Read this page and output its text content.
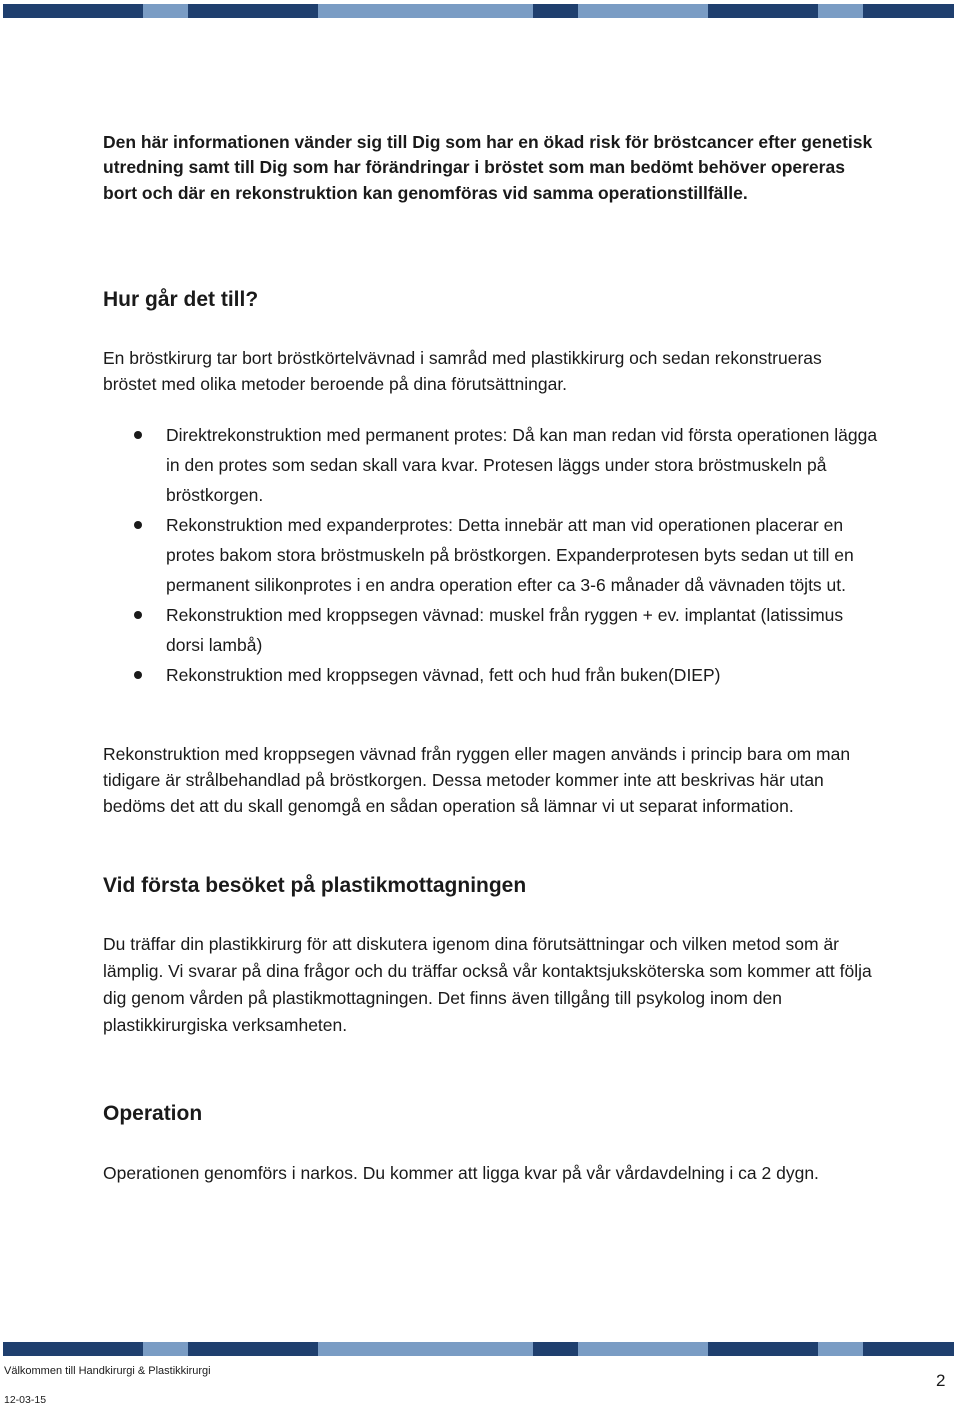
Den här informationen vänder sig till Dig som har en ökad risk för bröstcancer efter genetisk utredning samt till Dig som har förändringar i bröstet som man bedömt behöver opereras bort och där en rekonstruktion kan genomföras vid samma operationstillfälle.
Hur går det till?
En bröstkirurg tar bort bröstkörtelvävnad i samråd med plastikkirurg och sedan rekonstrueras bröstet med olika metoder beroende på dina förutsättningar.
Direktrekonstruktion med permanent protes: Då kan man redan vid första operationen lägga in den protes som sedan skall vara kvar. Protesen läggs under stora bröstmuskeln på bröstkorgen.
Rekonstruktion med expanderprotes: Detta innebär att man vid operationen placerar en protes bakom stora bröstmuskeln på bröstkorgen. Expanderprotesen byts sedan ut till en permanent silikonprotes i en andra operation efter ca 3-6 månader då vävnaden töjts ut.
Rekonstruktion med kroppsegen vävnad: muskel från ryggen + ev. implantat (latissimus dorsi lambå)
Rekonstruktion med kroppsegen vävnad, fett och hud från buken(DIEP)
Rekonstruktion med kroppsegen vävnad från ryggen eller magen används i princip bara om man tidigare är strålbehandlad på bröstkorgen. Dessa metoder kommer inte att beskrivas här utan bedöms det att du skall genomgå en sådan operation så lämnar vi ut separat information.
Vid första besöket på plastikmottagningen
Du träffar din plastikkirurg för att diskutera igenom dina förutsättningar och vilken metod som är lämplig. Vi svarar på dina frågor och du träffar också vår kontaktsjuksköterska som kommer att följa dig genom vården på plastikmottagningen. Det finns även tillgång till psykolog inom den plastikkirurgiska verksamheten.
Operation
Operationen genomförs i narkos. Du kommer att ligga kvar på vår vårdavdelning i ca 2 dygn.
Välkommen till Handkirurgi & Plastikkirurgi
12-03-15
2
